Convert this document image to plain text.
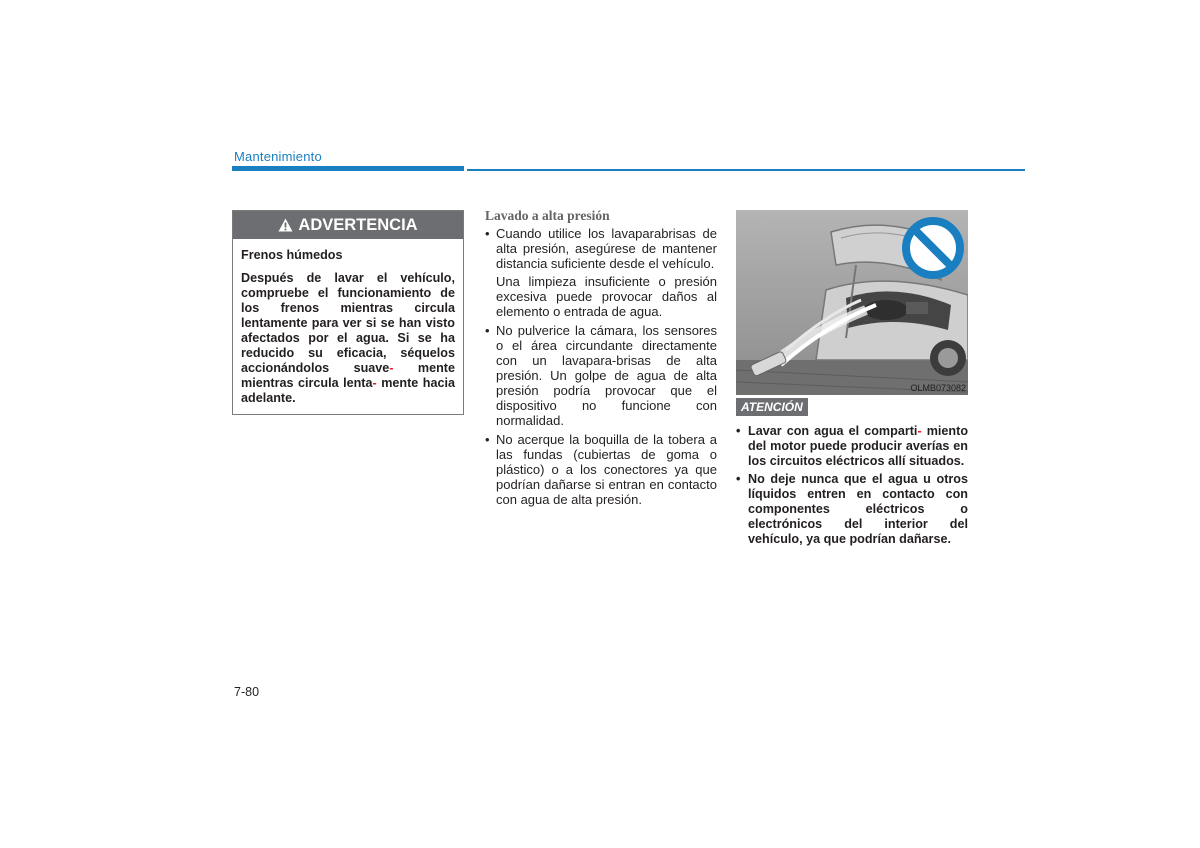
Mantenimiento
ADVERTENCIA

Frenos húmedos

Después de lavar el vehículo, compruebe el funcionamiento de los frenos mientras circula lentamente para ver si se han visto afectados por el agua. Si se ha reducido su eficacia, séquelos accionándolos suave- mente mientras circula lenta- mente hacia adelante.

Lavado a alta presión

• Cuando utilice los lavaparabrisas de alta presión, asegúrese de mantener distancia suficiente desde el vehículo.

Una limpieza insuficiente o presión excesiva puede provocar daños al elemento o entrada de agua.

• No pulverice la cámara, los sensores o el área circundante directamente con un lavapara-brisas de alta presión. Un golpe de agua de alta presión podría provocar que el dispositivo no funcione con normalidad.

• No acerque la boquilla de la tobera a las fundas (cubiertas de goma o plástico) o a los conectores ya que podrían dañarse si entran en contacto con agua de alta presión.

OLMB073082
ATENCIÓN

• Lavar con agua el comparti- miento del motor puede producir averías en los circuitos eléctricos allí situados.

• No deje nunca que el agua u otros líquidos entren en contacto con componentes eléctricos o electrónicos del interior del vehículo, ya que podrían dañarse.

7-80
